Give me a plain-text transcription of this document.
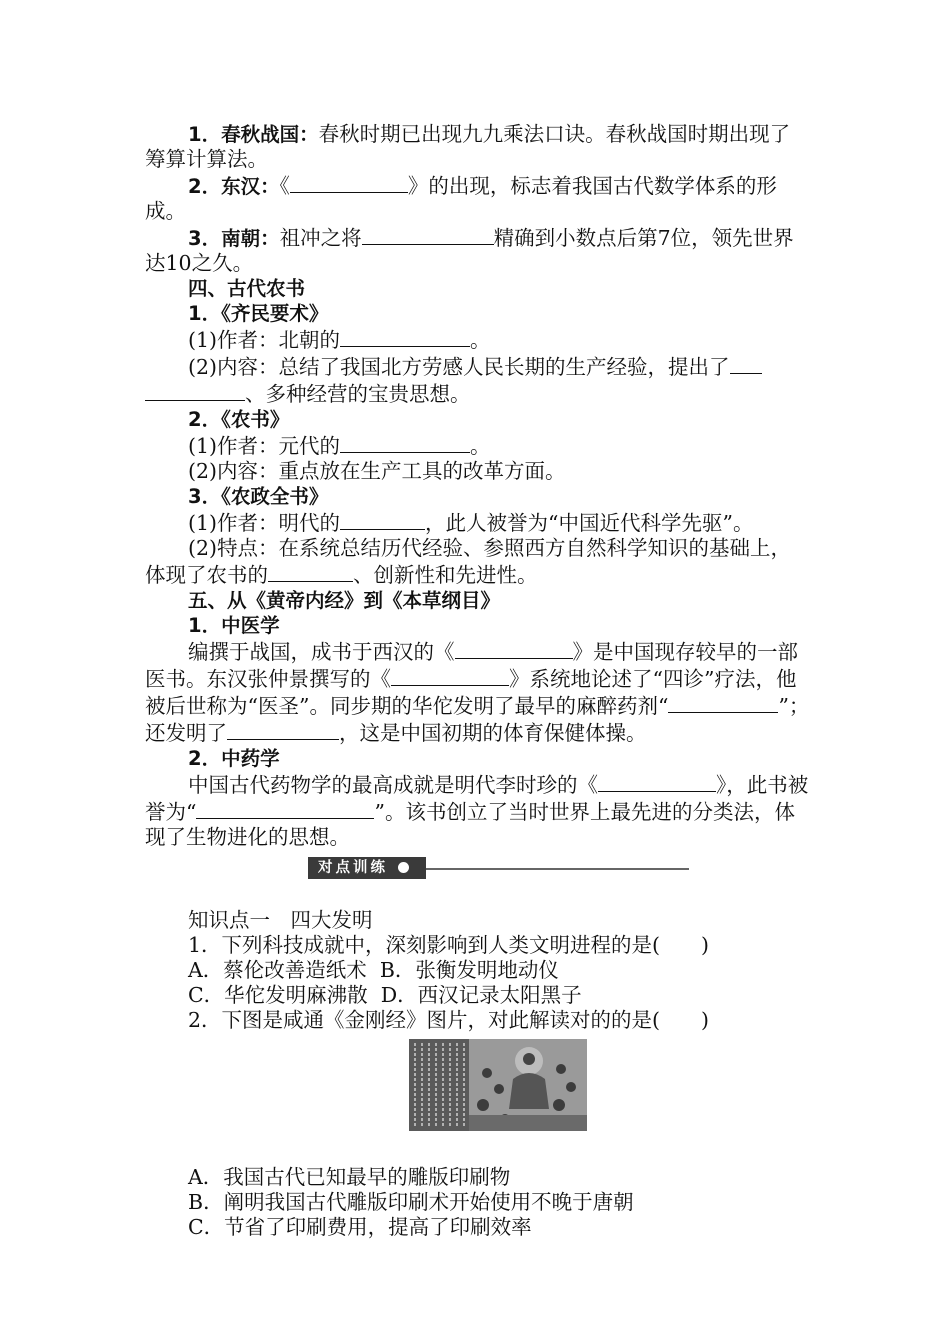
1．春秋战国：春秋时期已出现九九乘法口诀。春秋战国时期出现了筹算计算法。

2．东汉：《	》的出现，标志着我国古代数学体系的形成。

3．南朝：祖冲之将	精确到小数点后第7位，领先世界达10之久。

四、古代农书

1．《齐民要术》

(1)作者：北朝的	。

(2)内容：总结了我国北方劳感人民长期的生产经验，提出了
、多种经营的宝贵思想。

2．《农书》

(1)作者：元代的	。

(2)内容：重点放在生产工具的改革方面。

3．《农政全书》

(1)作者：明代的	，此人被誉为“中国近代科学先驱”。

(2)特点：在系统总结历代经验、参照西方自然科学知识的基础上，体现了农书的	、创新性和先进性。

五、从《黄帝内经》到《本草纲目》

1．中医学

编撰于战国，成书于西汉的《	》是中国现存较早的一部医书。东汉张仲景撰写的《	》系统地论述了“四诊”疗法，他被后世称为“医圣”。同步期的华佗发明了最早的麻醉药剂“	”；还发明了	，这是中国初期的体育保健体操。

2．中药学

中国古代药物学的最高成就是明代李时珍的《	》，此书被誉为“	”。该书创立了当时世界上最先进的分类法，体现了生物进化的思想。

对点训练

知识点一　四大发明

1．下列科技成就中，深刻影响到人类文明进程的是(　　)

A．蔡伦改善造纸术  B．张衡发明地动仪

C．华佗发明麻沸散  D．西汉记录太阳黑子

2．下图是咸通《金刚经》图片，对此解读对的的是(　　)

A．我国古代已知最早的雕版印刷物

B．阐明我国古代雕版印刷术开始使用不晚于唐朝

C．节省了印刷费用，提高了印刷效率
